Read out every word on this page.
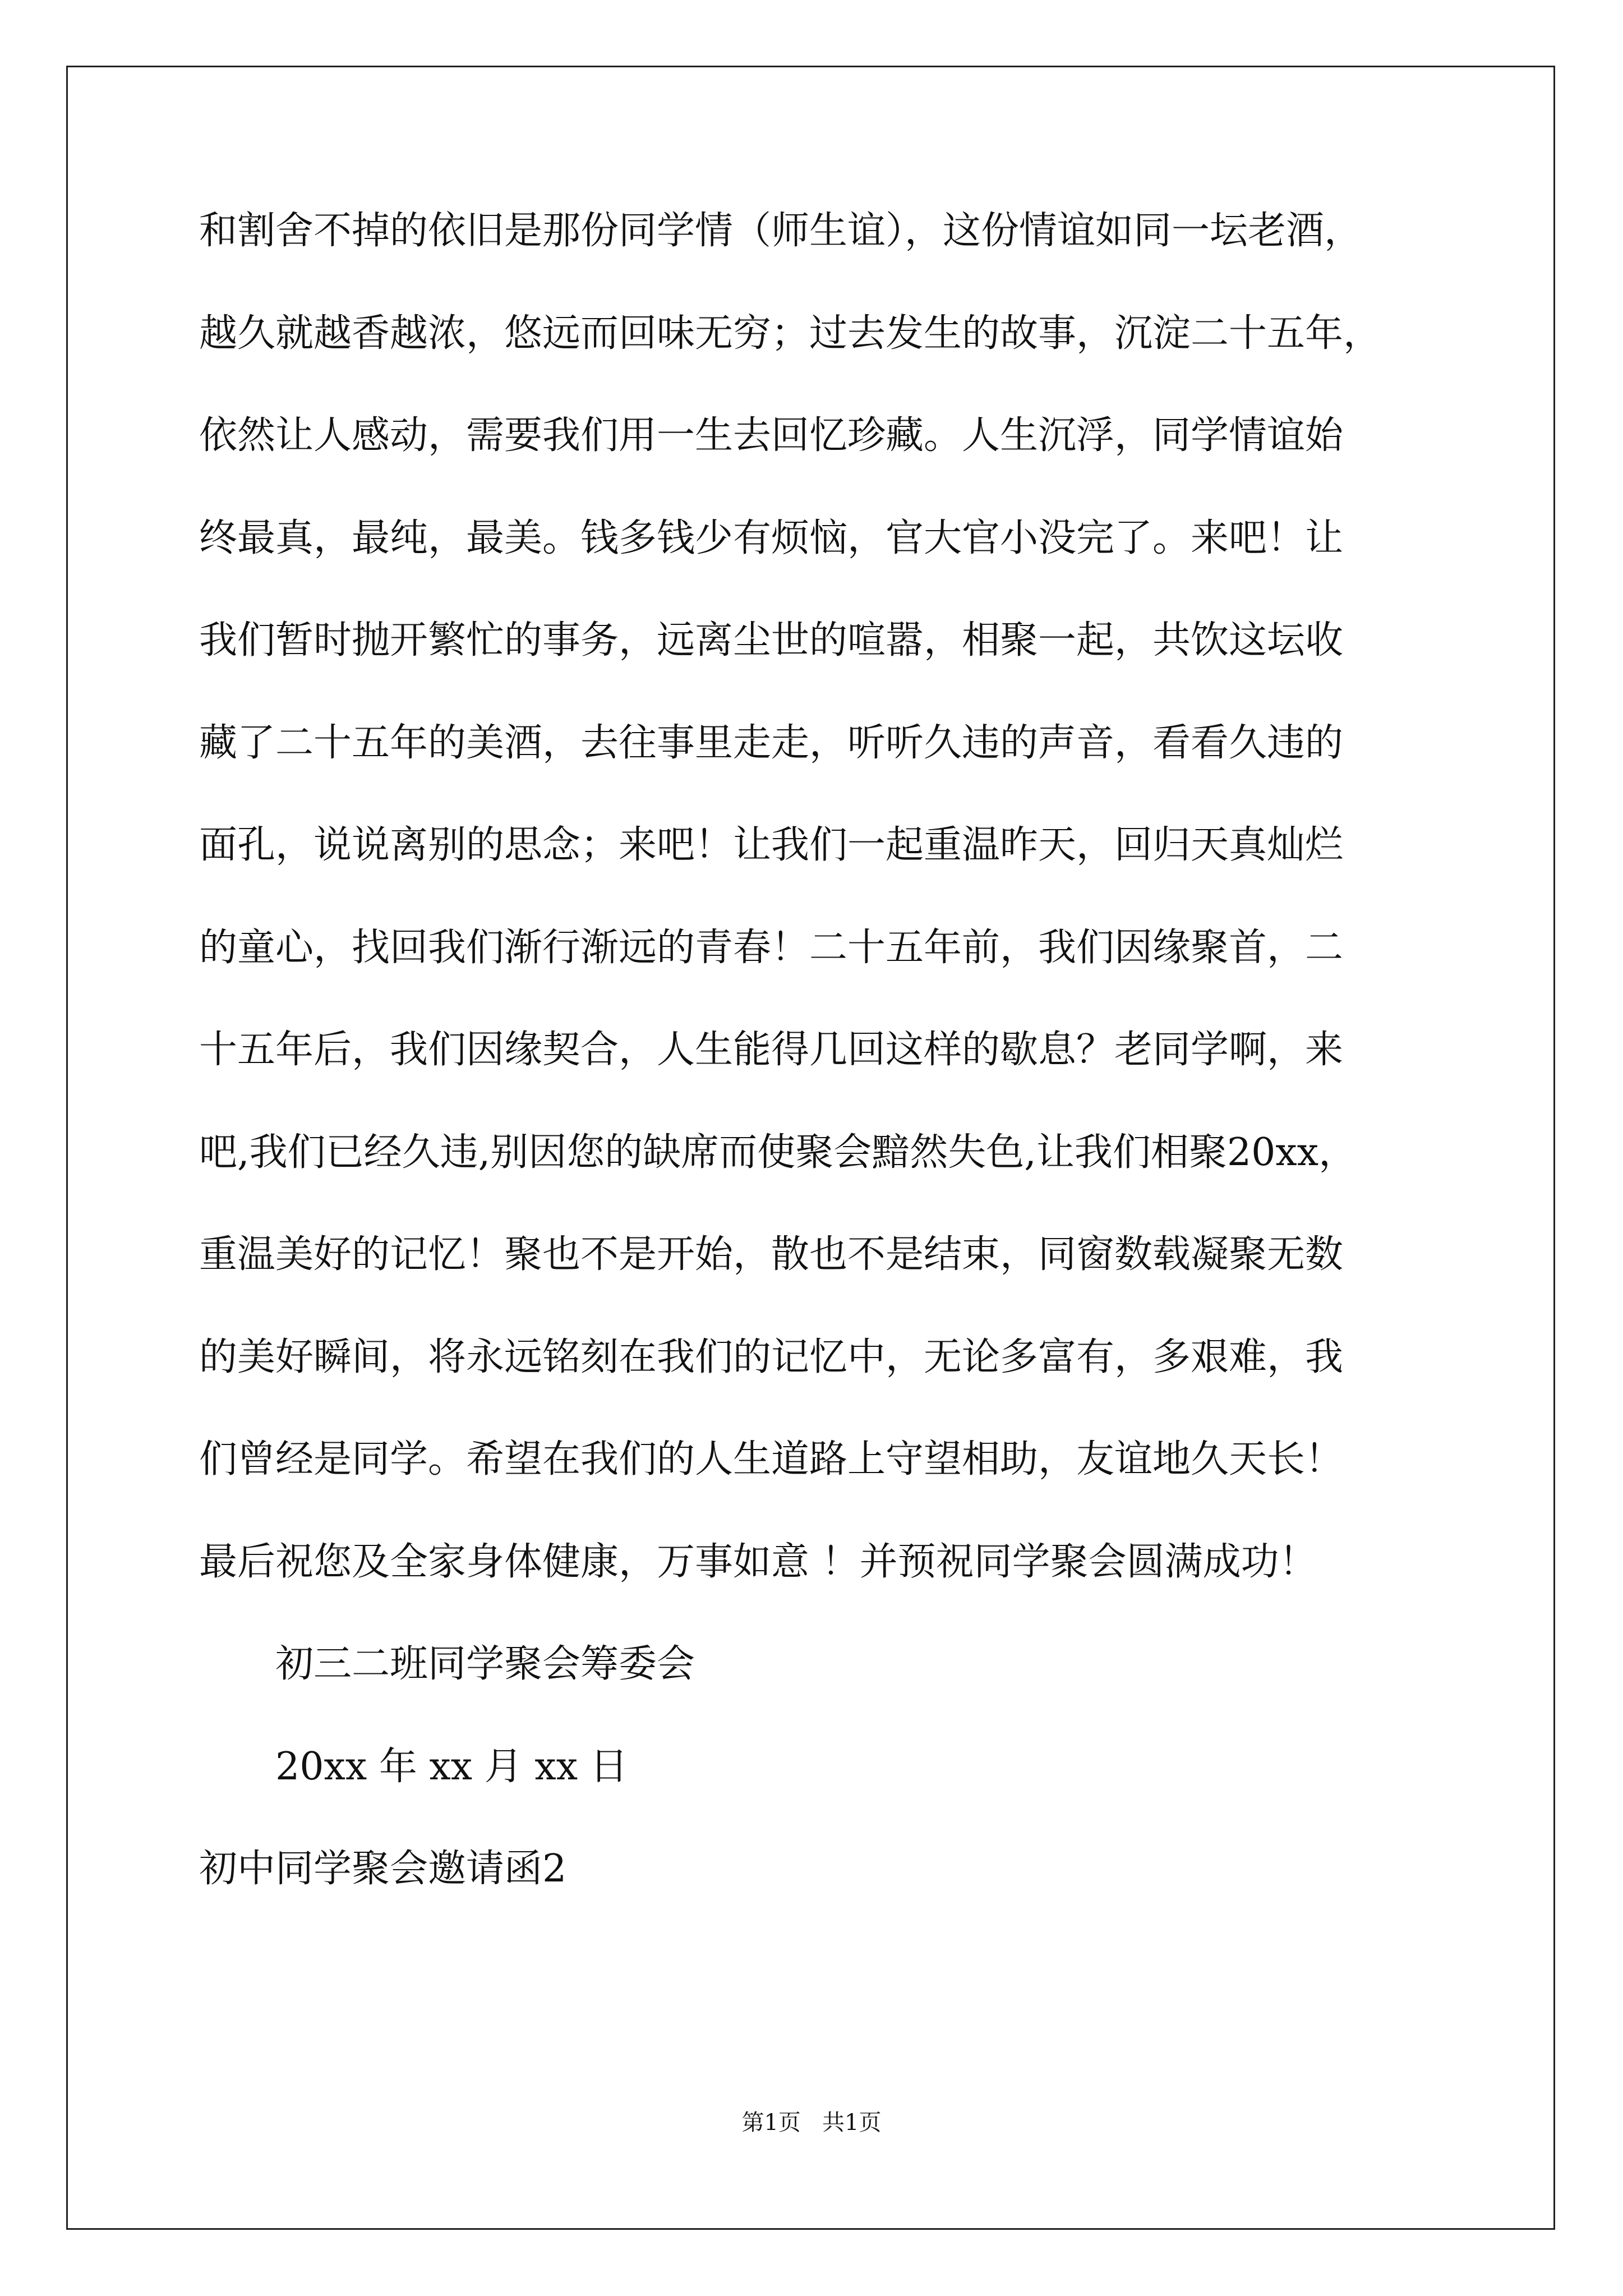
和割舍不掉的依旧是那份同学情（师生谊），这份情谊如同一坛老酒，
越久就越香越浓，悠远而回味无穷；过去发生的故事，沉淀二十五年，
依然让人感动，需要我们用一生去回忆珍藏。人生沉浮，同学情谊始
终最真，最纯，最美。钱多钱少有烦恼，官大官小没完了。来吧！让
我们暂时抛开繁忙的事务，远离尘世的喧嚣，相聚一起，共饮这坛收
藏了二十五年的美酒，去往事里走走，听听久违的声音，看看久违的
面孔，说说离别的思念；来吧！让我们一起重温昨天，回归天真灿烂
的童心，找回我们渐行渐远的青春！二十五年前，我们因缘聚首，二
十五年后，我们因缘契合，人生能得几回这样的歇息？老同学啊，来
吧,我们已经久违,别因您的缺席而使聚会黯然失色,让我们相聚20xx，
重温美好的记忆！聚也不是开始，散也不是结束，同窗数载凝聚无数
的美好瞬间，将永远铭刻在我们的记忆中，无论多富有，多艰难，我
们曾经是同学。希望在我们的人生道路上守望相助，友谊地久天长！
最后祝您及全家身体健康，万事如意 ！并预祝同学聚会圆满成功！
初三二班同学聚会筹委会
20xx 年 xx 月 xx 日
初中同学聚会邀请函2
第1页   共1页
